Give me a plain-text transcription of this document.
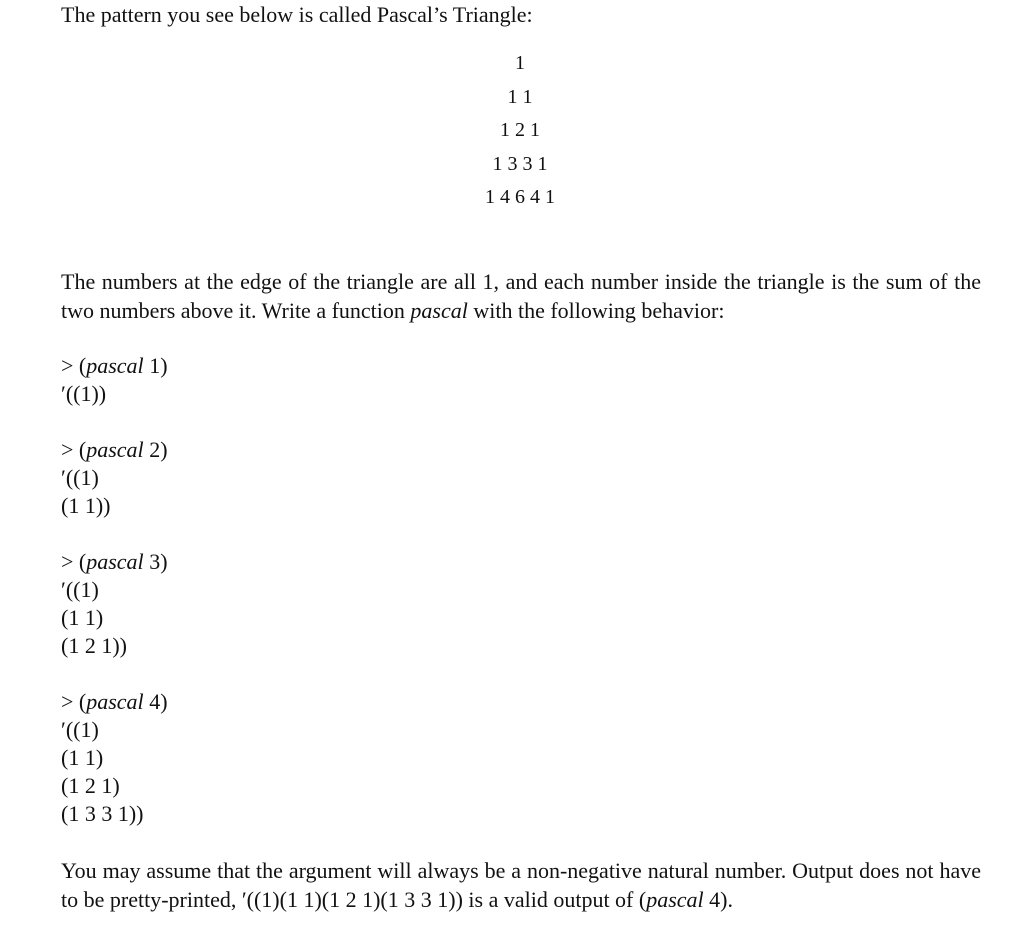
The pattern you see below is called Pascal’s Triangle:
1
1 1
1 2 1
1 3 3 1
1 4 6 4 1
The numbers at the edge of the triangle are all 1, and each number inside the triangle is the sum of the two numbers above it. Write a function pascal with the following behavior:
> (pascal 1)
′((1))
> (pascal 2)
′((1)
(1 1))
> (pascal 3)
′((1)
(1 1)
(1 2 1))
> (pascal 4)
′((1)
(1 1)
(1 2 1)
(1 3 3 1))
You may assume that the argument will always be a non-negative natural number. Output does not have to be pretty-printed, ′((1)(1 1)(1 2 1)(1 3 3 1)) is a valid output of (pascal 4).
